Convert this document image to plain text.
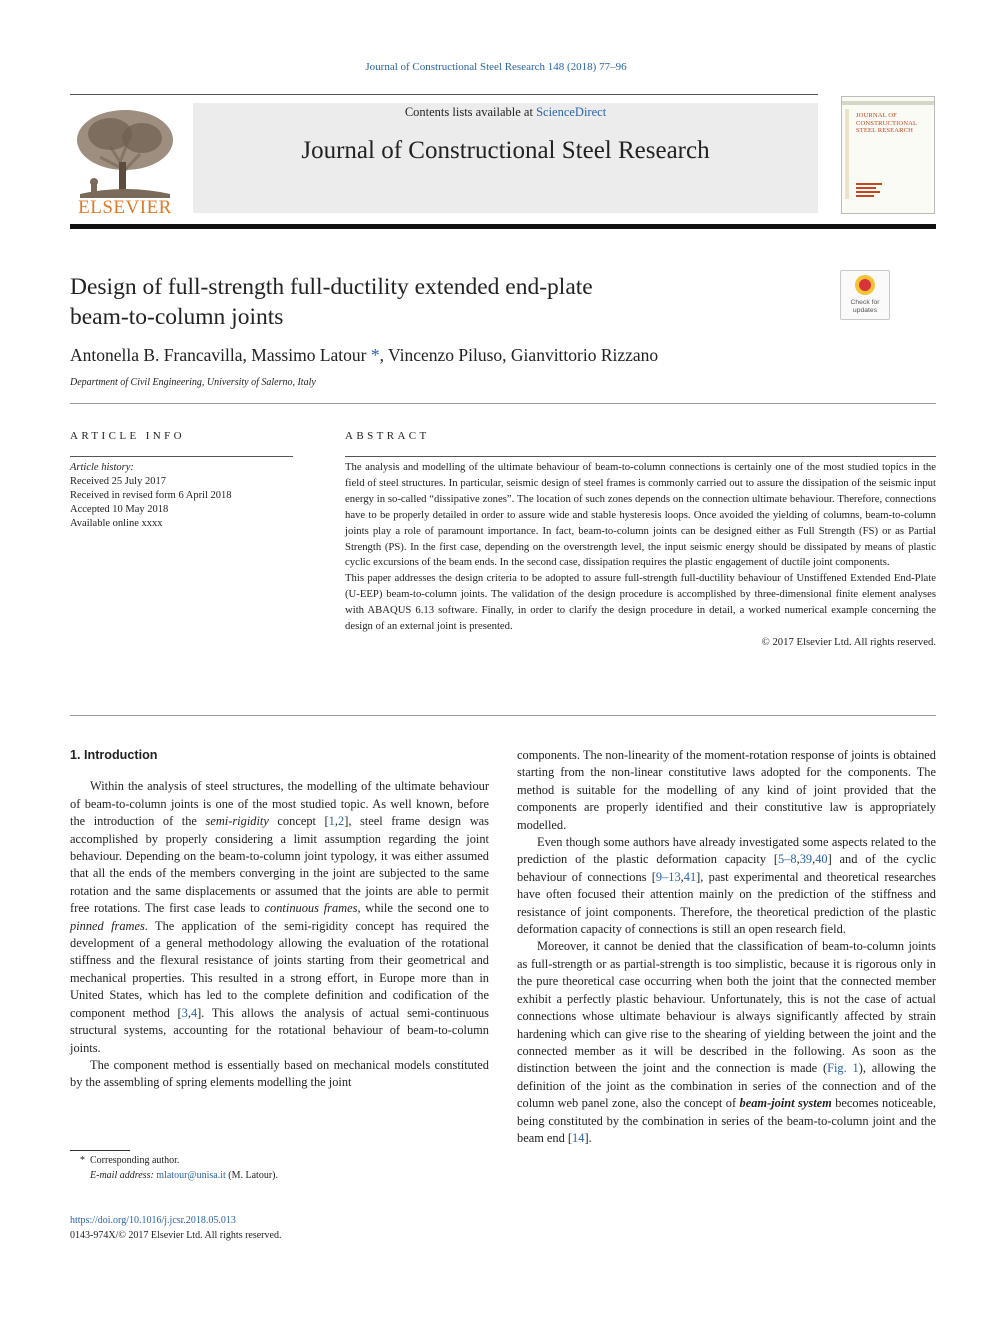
Journal of Constructional Steel Research 148 (2018) 77–96
ELSEVIER
Contents lists available at ScienceDirect
Journal of Constructional Steel Research
JOURNAL OF CONSTRUCTIONAL STEEL RESEARCH
Design of full-strength full-ductility extended end-plate
beam-to-column joints
Check for
updates
Antonella B. Francavilla, Massimo Latour *, Vincenzo Piluso, Gianvittorio Rizzano
Department of Civil Engineering, University of Salerno, Italy
ARTICLE INFO
Article history:
Received 25 July 2017
Received in revised form 6 April 2018
Accepted 10 May 2018
Available online xxxx
ABSTRACT

The analysis and modelling of the ultimate behaviour of beam-to-column connections is certainly one of the most studied topics in the field of steel structures. In particular, seismic design of steel frames is commonly carried out to assure the dissipation of the seismic input energy in so-called “dissipative zones”. The location of such zones depends on the connection ultimate behaviour. Therefore, connections have to be properly detailed in order to assure wide and stable hysteresis loops. Once avoided the yielding of columns, beam-to-column joints play a role of paramount importance. In fact, beam-to-column joints can be designed either as Full Strength (FS) or as Partial Strength (PS). In the first case, depending on the overstrength level, the input seismic energy should be dissipated by means of plastic cyclic excursions of the beam ends. In the second case, dissipation requires the plastic engagement of ductile joint components.

This paper addresses the design criteria to be adopted to assure full-strength full-ductility behaviour of Unstiffened Extended End-Plate (U-EEP) beam-to-column joints. The validation of the design procedure is accomplished by three-dimensional finite element analyses with ABAQUS 6.13 software. Finally, in order to clarify the design procedure in detail, a worked numerical example concerning the design of an external joint is presented.

© 2017 Elsevier Ltd. All rights reserved.

1. Introduction

Within the analysis of steel structures, the modelling of the ultimate behaviour of beam-to-column joints is one of the most studied topic. As well known, before the introduction of the semi-rigidity concept [1,2], steel frame design was accomplished by properly considering a limit assumption regarding the joint behaviour. Depending on the beam-to-column joint typology, it was either assumed that all the ends of the members converging in the joint are subjected to the same rotation and the same displacements or assumed that the joints are able to permit free rotations. The first case leads to continuous frames, while the second one to pinned frames. The application of the semi-rigidity concept has required the development of a general methodology allowing the evaluation of the rotational stiffness and the flexural resistance of joints starting from their geometrical and mechanical properties. This resulted in a strong effort, in Europe more than in United States, which has led to the complete definition and codification of the component method [3,4]. This allows the analysis of actual semi-continuous structural systems, accounting for the rotational behaviour of beam-to-column joints.

The component method is essentially based on mechanical models constituted by the assembling of spring elements modelling the joint

components. The non-linearity of the moment-rotation response of joints is obtained starting from the non-linear constitutive laws adopted for the components. The method is suitable for the modelling of any kind of joint provided that the components are properly identified and their constitutive law is appropriately modelled.

Even though some authors have already investigated some aspects related to the prediction of the plastic deformation capacity [5–8,39,40] and of the cyclic behaviour of connections [9–13,41], past experimental and theoretical researches have often focused their attention mainly on the prediction of the stiffness and resistance of joint components. Therefore, the theoretical prediction of the plastic deformation capacity of connections is still an open research field.

Moreover, it cannot be denied that the classification of beam-to-column joints as full-strength or as partial-strength is too simplistic, because it is rigorous only in the pure theoretical case occurring when both the joint that the connected member exhibit a perfectly plastic behaviour. Unfortunately, this is not the case of actual connections whose ultimate behaviour is always significantly affected by strain hardening which can give rise to the shearing of yielding between the joint and the connected member as it will be described in the following. As soon as the distinction between the joint and the connection is made (Fig. 1), allowing the definition of the joint as the combination in series of the connection and of the column web panel zone, also the concept of beam-joint system becomes noticeable, being constituted by the combination in series of the beam-to-column joint and the beam end [14].

* Corresponding author.
E-mail address: mlatour@unisa.it (M. Latour).
https://doi.org/10.1016/j.jcsr.2018.05.013
0143-974X/© 2017 Elsevier Ltd. All rights reserved.
